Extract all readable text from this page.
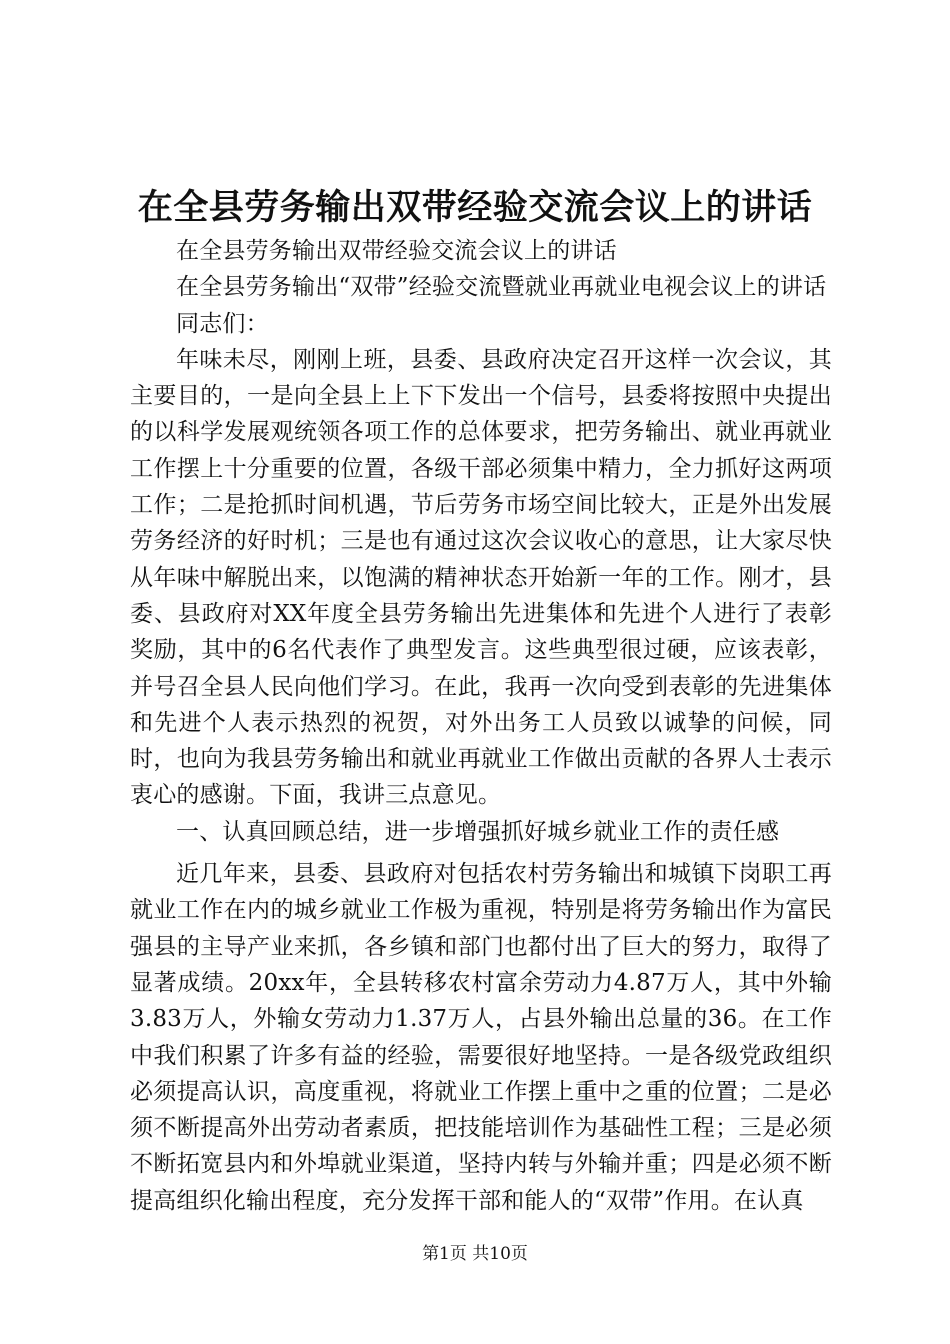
在全县劳务输出双带经验交流会议上的讲话

在全县劳务输出双带经验交流会议上的讲话

在全县劳务输出“双带”经验交流暨就业再就业电视会议上的讲话

同志们：

年味未尽，刚刚上班，县委、县政府决定召开这样一次会议，其主要目的，一是向全县上上下下发出一个信号，县委将按照中央提出的以科学发展观统领各项工作的总体要求，把劳务输出、就业再就业工作摆上十分重要的位置，各级干部必须集中精力，全力抓好这两项工作；二是抢抓时间机遇，节后劳务市场空间比较大，正是外出发展劳务经济的好时机；三是也有通过这次会议收心的意思，让大家尽快从年味中解脱出来，以饱满的精神状态开始新一年的工作。刚才，县委、县政府对XX年度全县劳务输出先进集体和先进个人进行了表彰奖励，其中的6名代表作了典型发言。这些典型很过硬，应该表彰，并号召全县人民向他们学习。在此，我再一次向受到表彰的先进集体和先进个人表示热烈的祝贺，对外出务工人员致以诚挚的问候，同时，也向为我县劳务输出和就业再就业工作做出贡献的各界人士表示衷心的感谢。下面，我讲三点意见。

一、认真回顾总结，进一步增强抓好城乡就业工作的责任感

近几年来，县委、县政府对包括农村劳务输出和城镇下岗职工再就业工作在内的城乡就业工作极为重视，特别是将劳务输出作为富民强县的主导产业来抓，各乡镇和部门也都付出了巨大的努力，取得了显著成绩。20xx年，全县转移农村富余劳动力4.87万人，其中外输3.83万人，外输女劳动力1.37万人，占县外输出总量的36。在工作中我们积累了许多有益的经验，需要很好地坚持。一是各级党政组织必须提高认识，高度重视，将就业工作摆上重中之重的位置；二是必须不断提高外出劳动者素质，把技能培训作为基础性工程；三是必须不断拓宽县内和外埠就业渠道，坚持内转与外输并重；四是必须不断提高组织化输出程度，充分发挥干部和能人的“双带”作用。在认真

第1页 共10页
